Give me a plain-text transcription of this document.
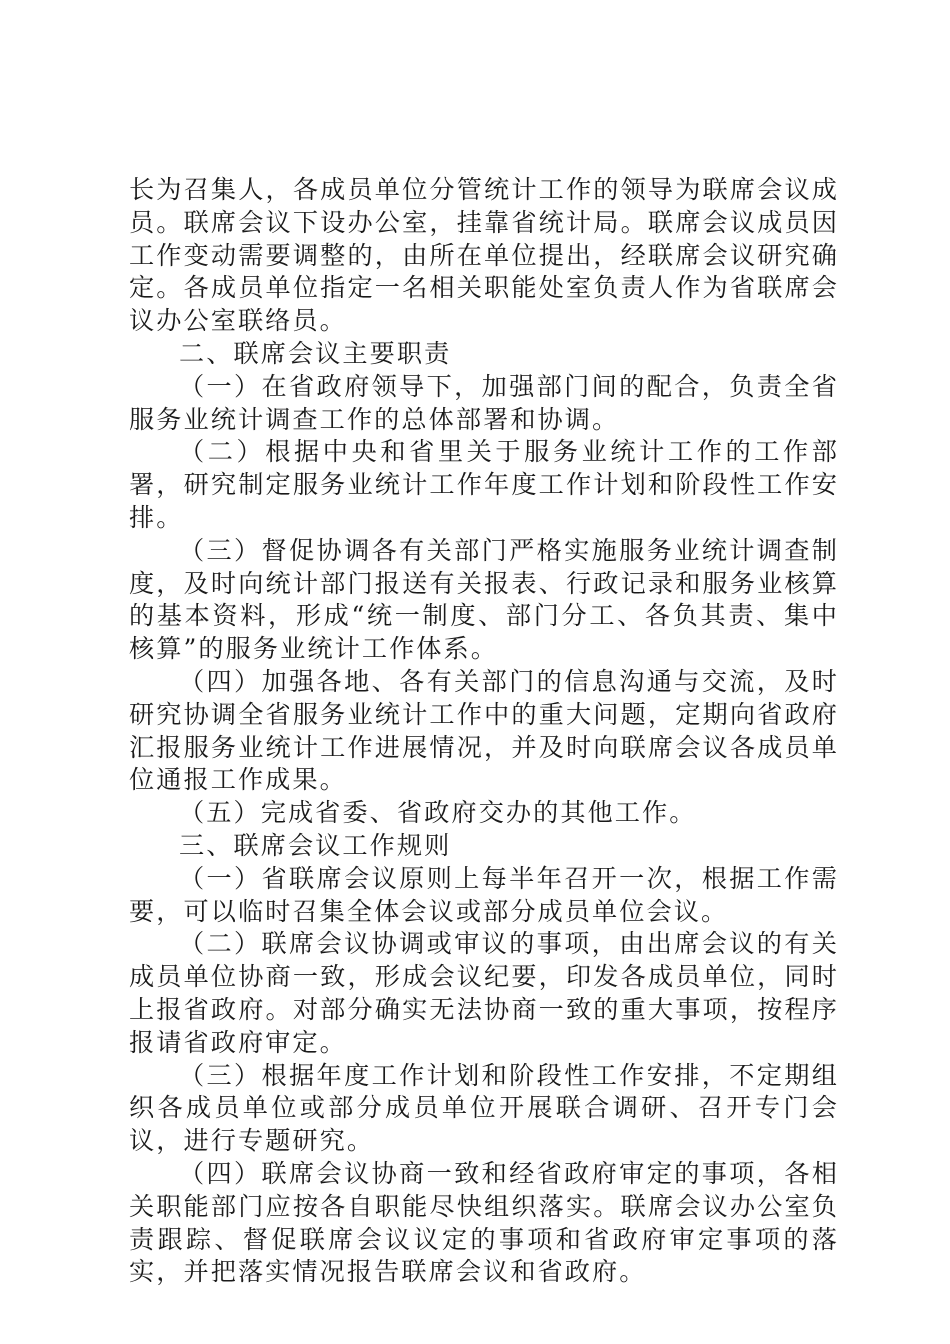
长为召集人，各成员单位分管统计工作的领导为联席会议成员。联席会议下设办公室，挂靠省统计局。联席会议成员因工作变动需要调整的，由所在单位提出，经联席会议研究确定。各成员单位指定一名相关职能处室负责人作为省联席会议办公室联络员。

二、联席会议主要职责

（一）在省政府领导下，加强部门间的配合，负责全省服务业统计调查工作的总体部署和协调。

（二）根据中央和省里关于服务业统计工作的工作部署，研究制定服务业统计工作年度工作计划和阶段性工作安排。

（三）督促协调各有关部门严格实施服务业统计调查制度，及时向统计部门报送有关报表、行政记录和服务业核算的基本资料，形成“统一制度、部门分工、各负其责、集中核算”的服务业统计工作体系。

（四）加强各地、各有关部门的信息沟通与交流，及时研究协调全省服务业统计工作中的重大问题，定期向省政府汇报服务业统计工作进展情况，并及时向联席会议各成员单位通报工作成果。

（五）完成省委、省政府交办的其他工作。

三、联席会议工作规则

（一）省联席会议原则上每半年召开一次，根据工作需要，可以临时召集全体会议或部分成员单位会议。

（二）联席会议协调或审议的事项，由出席会议的有关成员单位协商一致，形成会议纪要，印发各成员单位，同时上报省政府。对部分确实无法协商一致的重大事项，按程序报请省政府审定。

（三）根据年度工作计划和阶段性工作安排，不定期组织各成员单位或部分成员单位开展联合调研、召开专门会议，进行专题研究。

（四）联席会议协商一致和经省政府审定的事项，各相关职能部门应按各自职能尽快组织落实。联席会议办公室负责跟踪、督促联席会议议定的事项和省政府审定事项的落实，并把落实情况报告联席会议和省政府。
